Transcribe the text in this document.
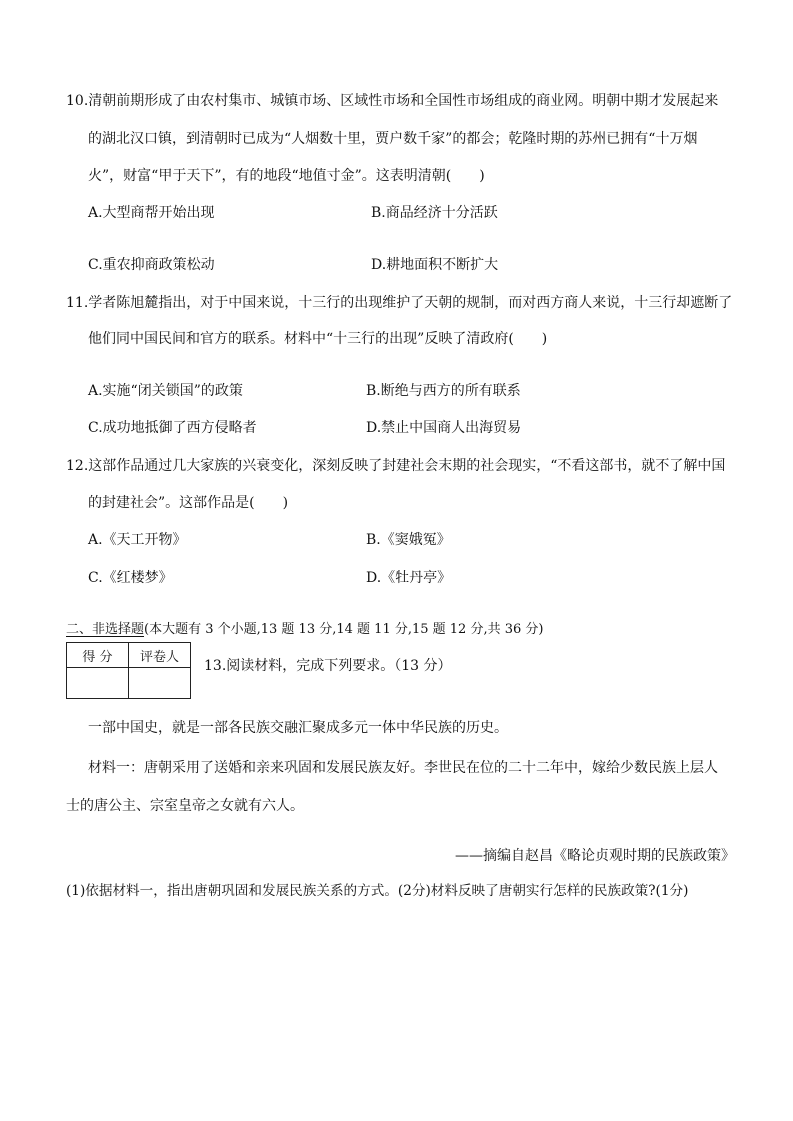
10.清朝前期形成了由农村集市、城镇市场、区域性市场和全国性市场组成的商业网。明朝中期才发展起来
的湖北汉口镇，到清朝时已成为“人烟数十里，贾户数千家”的都会；乾隆时期的苏州已拥有“十万烟
火”，财富“甲于天下”，有的地段“地值寸金”。这表明清朝(　　)
A.大型商帮开始出现	B.商品经济十分活跃
C.重农抑商政策松动	D.耕地面积不断扩大
11.学者陈旭麓指出，对于中国来说，十三行的出现维护了天朝的规制，而对西方商人来说，十三行却遮断了
他们同中国民间和官方的联系。材料中“十三行的出现”反映了清政府(　　)
A.实施“闭关锁国”的政策	B.断绝与西方的所有联系
C.成功地抵御了西方侵略者	D.禁止中国商人出海贸易
12.这部作品通过几大家族的兴衰变化，深刻反映了封建社会末期的社会现实，“不看这部书，就不了解中国
的封建社会”。这部作品是(　　)
A.《天工开物》	B.《窦娥冤》
C.《红楼梦》	D.《牡丹亭》
二、非选择题(本大题有 3 个小题,13 题 13 分,14 题 11 分,15 题 12 分,共 36 分)
得 分	评卷人

13.阅读材料，完成下列要求。（13 分）
一部中国史，就是一部各民族交融汇聚成多元一体中华民族的历史。
材料一：唐朝采用了送婚和亲来巩固和发展民族友好。李世民在位的二十二年中，嫁给少数民族上层人
士的唐公主、宗室皇帝之女就有六人。
——摘编自赵昌《略论贞观时期的民族政策》
(1)依据材料一，指出唐朝巩固和发展民族关系的方式。(2分)材料反映了唐朝实行怎样的民族政策?(1分)
